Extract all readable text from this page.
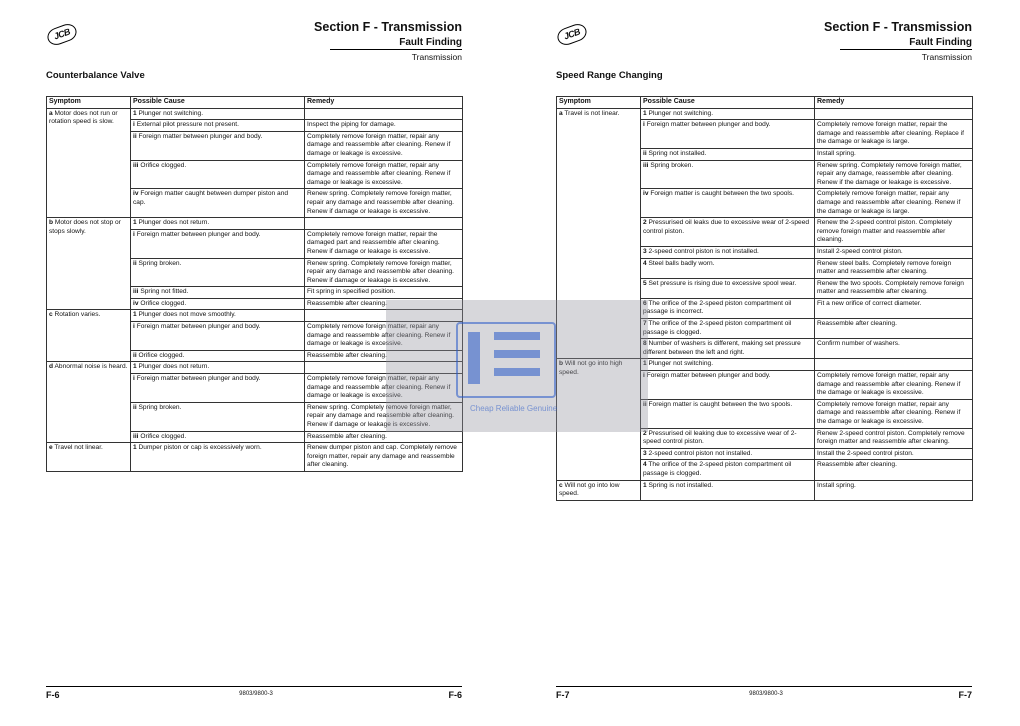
JCB	Section F - Transmission
Fault Finding
Transmission
Counterbalance Valve
Symptom	Possible Cause	Remedy
a Motor does not run or rotation speed is slow.	1 Plunger not switching.	
	i External pilot pressure not present.	Inspect the piping for damage.
	ii Foreign matter between plunger and body.	Completely remove foreign matter, repair any damage and reassemble after cleaning. Renew if damage or leakage is excessive.
	iii Orifice clogged.	Completely remove foreign matter, repair any damage and reassemble after cleaning. Renew if damage or leakage is excessive.
	iv Foreign matter caught between dumper piston and cap.	Renew spring. Completely remove foreign matter, repair any damage and reassemble after cleaning. Renew if damage or leakage is excessive.
b Motor does not stop or stops slowly.	1 Plunger does not return.	
	i Foreign matter between plunger and body.	Completely remove foreign matter, repair the damaged part and reassemble after cleaning. Renew if damage or leakage is excessive.
	ii Spring broken.	Renew spring. Completely remove foreign matter, repair any damage and reassemble after cleaning. Renew if damage or leakage is excessive.
	iii Spring not fitted.	Fit spring in specified position.
	iv Orifice clogged.	Reassemble after cleaning.
c Rotation varies.	1 Plunger does not move smoothly.	
	i Foreign matter between plunger and body.	Completely remove foreign matter, repair any damage and reassemble after cleaning. Renew if damage or leakage is excessive.
	ii Orifice clogged.	Reassemble after cleaning.
d Abnormal noise is heard.	1 Plunger does not return.	
	i Foreign matter between plunger and body.	Completely remove foreign matter, repair any damage and reassemble after cleaning. Renew if damage or leakage is excessive.
	ii Spring broken.	Renew spring. Completely remove foreign matter, repair any damage and reassemble after cleaning. Renew if damage or leakage is excessive.
	iii Orifice clogged.	Reassemble after cleaning.
e Travel not linear.	1 Dumper piston or cap is excessively worn.	Renew dumper piston and cap. Completely remove foreign matter, repair any damage and reassemble after cleaning.
F-6	9803/9800-3	F-6
JCB	Section F - Transmission
Fault Finding
Transmission
Speed Range Changing
Symptom	Possible Cause	Remedy
a Travel is not linear.	1 Plunger not switching.	
	i Foreign matter between plunger and body.	Completely remove foreign matter, repair the damage and reassemble after cleaning. Replace if the damage or leakage is large.
	ii Spring not installed.	Install spring.
	iii Spring broken.	Renew spring. Completely remove foreign matter, repair any damage, reassemble after cleaning. Renew if the damage or leakage is excessive.
	iv Foreign matter is caught between the two spools.	Completely remove foreign matter, repair any damage and reassemble after cleaning. Renew if the damage or leakage is large.
	2 Pressurised oil leaks due to excessive wear of 2-speed control piston.	Renew the 2-speed control piston. Completely remove foreign matter and reassemble after cleaning.
	3 2-speed control piston is not installed.	Install 2-speed control piston.
	4 Steel balls badly worn.	Renew steel balls. Completely remove foreign matter and reassemble after cleaning.
	5 Set pressure is rising due to excessive spool wear.	Renew the two spools. Completely remove foreign matter and reassemble after cleaning.
	6 The orifice of the 2-speed piston compartment oil passage is incorrect.	Fit a new orifice of correct diameter.
	7 The orifice of the 2-speed piston compartment oil passage is clogged.	Reassemble after cleaning.
	8 Number of washers is different, making set pressure different between the left and right.	Confirm number of washers.
b Will not go into high speed.	1 Plunger not switching.	
	i Foreign matter between plunger and body.	Completely remove foreign matter, repair any damage and reassemble after cleaning. Renew if the damage or leakage is excessive.
	ii Foreign matter is caught between the two spools.	Completely remove foreign matter, repair any damage and reassemble after cleaning. Renew if the damage or leakage is excessive.
	2 Pressurised oil leaking due to excessive wear of 2-speed control piston.	Renew 2-speed control piston. Completely remove foreign matter and reassemble after cleaning.
	3 2-speed control piston not installed.	Install the 2-speed control piston.
	4 The orifice of the 2-speed piston compartment oil passage is clogged.	Reassemble after cleaning.
c Will not go into low speed.	1 Spring is not installed.	Install spring.
F-7	9803/9800-3	F-7
Cheap Reliable Genuine
